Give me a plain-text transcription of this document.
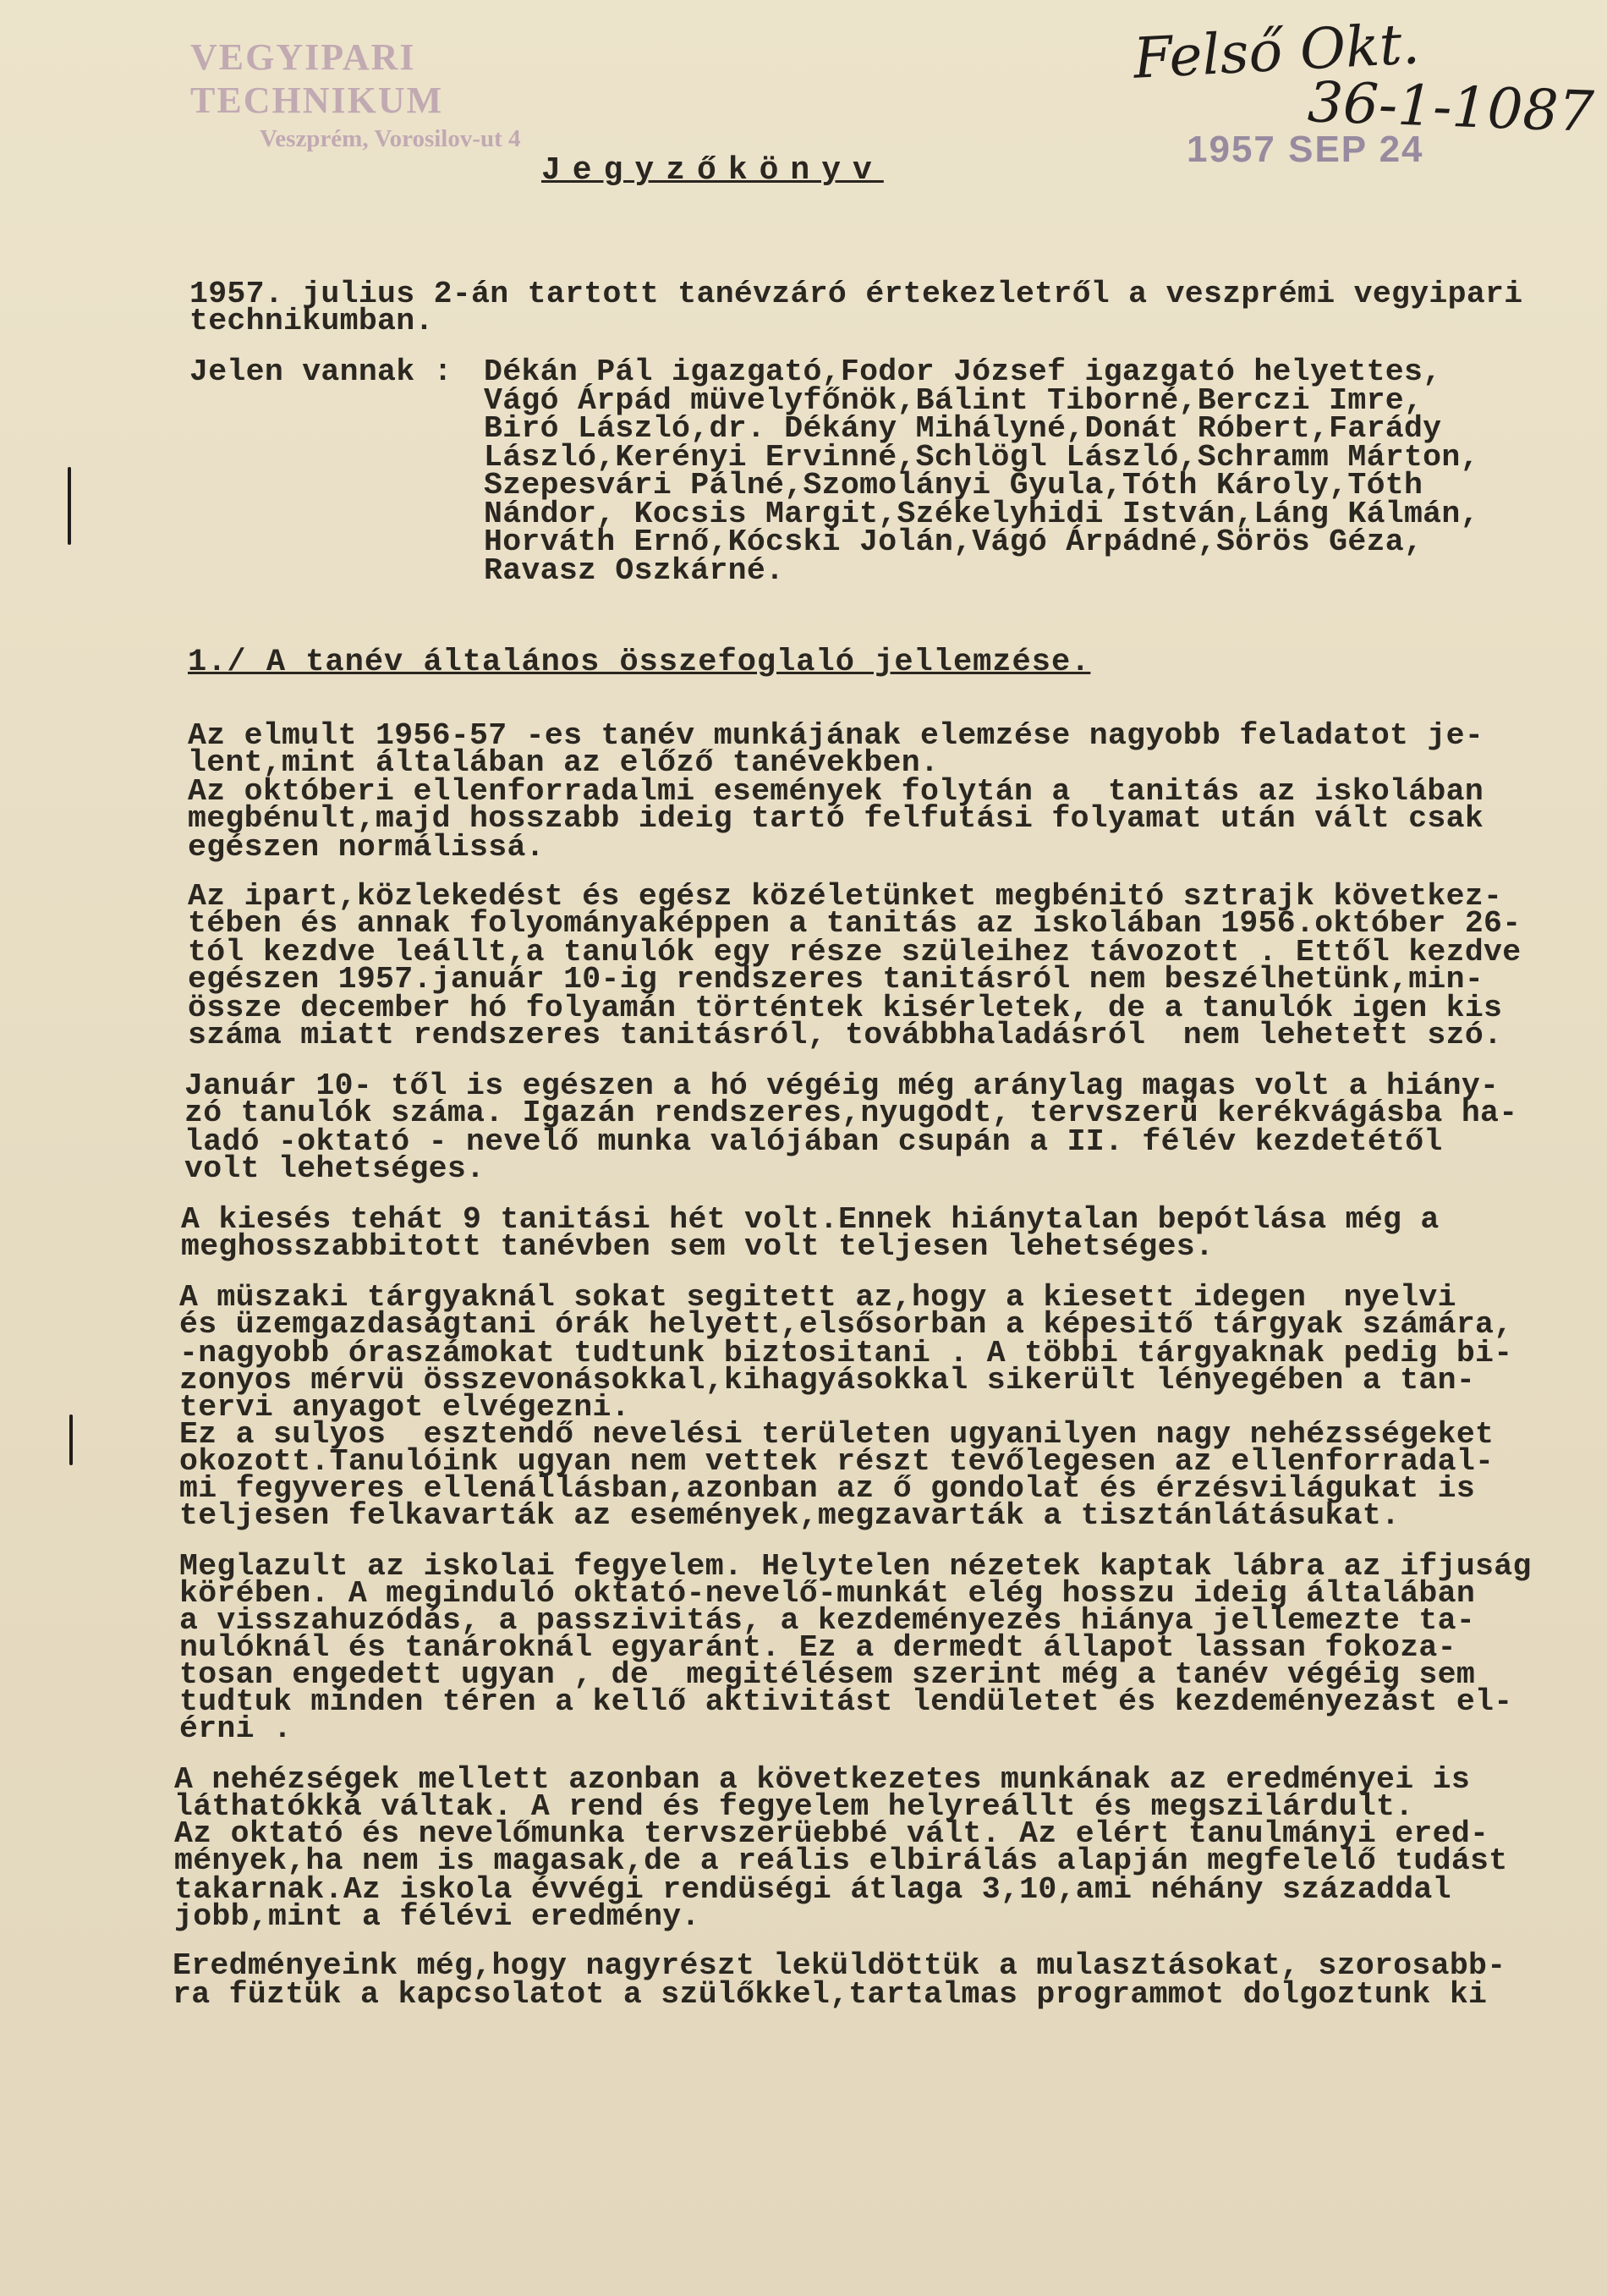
VEGYIPARI TECHNIKUM
Veszprém, Vorosilov-ut 4	1957 SEP 24
Felső Okt.
36-1-1087
Jegyzőkönyv
1957. julius 2-án tartott tanévzáró értekezletről a veszprémi vegyipari
technikumban.
Jelen vannak : Dékán Pál igazgató,Fodor József igazgató helyettes,
Vágó Árpád müvelyfőnök,Bálint Tiborné,Berczi Imre,
Biró László,dr. Dékány Mihályné,Donát Róbert,Farády
László,Kerényi Ervinné,Schlögl László,Schramm Márton,
Szepesvári Pálné,Szomolányi Gyula,Tóth Károly,Tóth
Nándor, Kocsis Margit,Székelyhidi István,Láng Kálmán,
Horváth Ernő,Kócski Jolán,Vágó Árpádné,Sörös Géza,
Ravasz Oszkárné.
1./ A tanév általános összefoglaló jellemzése.
Az elmult 1956-57 -es tanév munkájának elemzése nagyobb feladatot je-
lent,mint általában az előző tanévekben.
Az októberi ellenforradalmi események folytán a  tanitás az iskolában
megbénult,majd hosszabb ideig tartó felfutási folyamat után vált csak
egészen normálissá.
Az ipart,közlekedést és egész közéletünket megbénitó sztrajk következ-
tében és annak folyományaképpen a tanitás az iskolában 1956.október 26-
tól kezdve leállt,a tanulók egy része szüleihez távozott . Ettől kezdve
egészen 1957.január 10-ig rendszeres tanitásról nem beszélhetünk,min-
össze december hó folyamán történtek kisérletek, de a tanulók igen kis
száma miatt rendszeres tanitásról, továbbhaladásról  nem lehetett szó.
Január 10- től is egészen a hó végéig még aránylag magas volt a hiány-
zó tanulók száma. Igazán rendszeres,nyugodt, tervszerü kerékvágásba ha-
ladó -oktató - nevelő munka valójában csupán a II. félév kezdetétől
volt lehetséges.
A kiesés tehát 9 tanitási hét volt.Ennek hiánytalan bepótlása még a
meghosszabbitott tanévben sem volt teljesen lehetséges.
A müszaki tárgyaknál sokat segitett az,hogy a kiesett idegen  nyelvi
és üzemgazdaságtani órák helyett,elsősorban a képesitő tárgyak számára,
-nagyobb óraszámokat tudtunk biztositani . A többi tárgyaknak pedig bi-
zonyos mérvü összevonásokkal,kihagyásokkal sikerült lényegében a tan-
tervi anyagot elvégezni.
Ez a sulyos  esztendő nevelési területen ugyanilyen nagy nehézsségeket
okozott.Tanulóink ugyan nem vettek részt tevőlegesen az ellenforradal-
mi fegyveres ellenállásban,azonban az ő gondolat és érzésvilágukat is
teljesen felkavarták az események,megzavarták a tisztánlátásukat.
Meglazult az iskolai fegyelem. Helytelen nézetek kaptak lábra az ifjuság
körében. A meginduló oktató-nevelő-munkát elég hosszu ideig általában
a visszahuzódás, a passzivitás, a kezdeményezés hiánya jellemezte ta-
nulóknál és tanároknál egyaránt. Ez a dermedt állapot lassan fokoza-
tosan engedett ugyan , de  megitélésem szerint még a tanév végéig sem
tudtuk minden téren a kellő aktivitást lendületet és kezdeményezást el-
érni .
A nehézségek mellett azonban a következetes munkának az eredményei is
láthatókká váltak. A rend és fegyelem helyreállt és megszilárdult.
Az oktató és nevelőmunka tervszerüebbé vált. Az elért tanulmányi ered-
mények,ha nem is magasak,de a reális elbirálás alapján megfelelő tudást
takarnak.Az iskola évvégi rendüségi átlaga 3,10,ami néhány századdal
jobb,mint a félévi eredmény.
Eredményeink még,hogy nagyrészt leküldöttük a mulasztásokat, szorosabb-
ra füztük a kapcsolatot a szülőkkel,tartalmas programmot dolgoztunk ki
